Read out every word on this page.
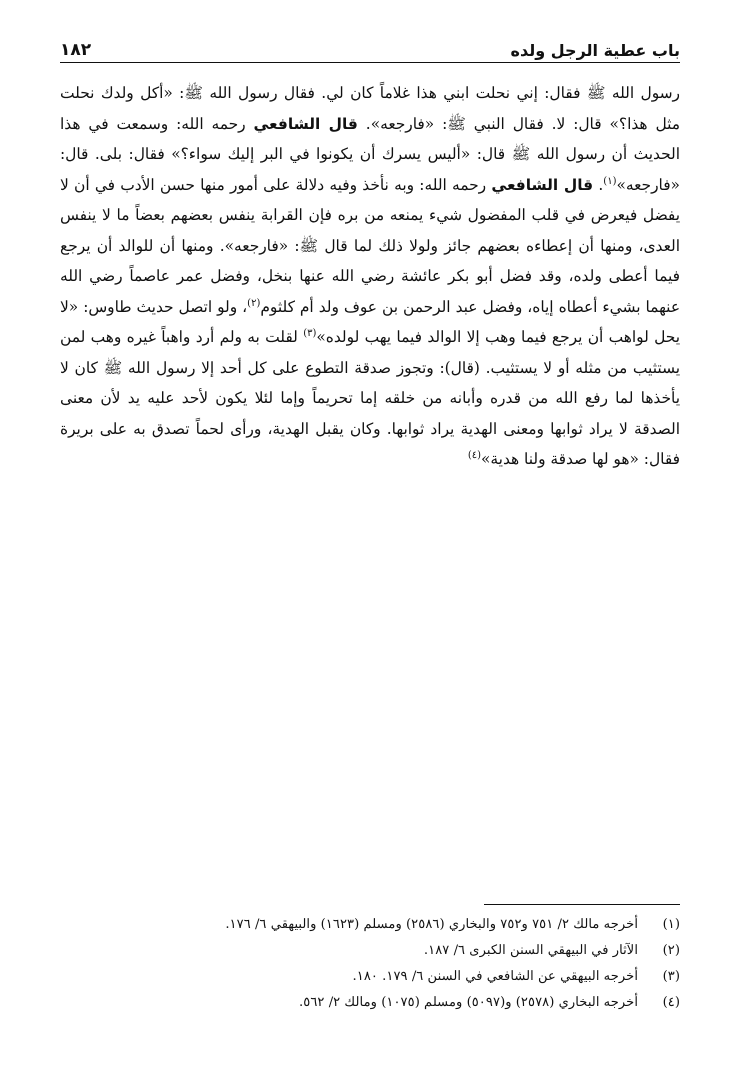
باب عطية الرجل ولده
١٨٢

رسول الله ﷺ فقال: إني نحلت ابني هذا غلاماً كان لي. فقال رسول الله ﷺ: «أكل ولدك نحلت مثل هذا؟» قال: لا. فقال النبي ﷺ: «فارجعه». قال الشافعي رحمه الله: وسمعت في هذا الحديث أن رسول الله ﷺ قال: «أليس يسرك أن يكونوا في البر إليك سواء؟» فقال: بلى. قال: «فارجعه»$^{(١)}$. قال الشافعي رحمه الله: وبه نأخذ وفيه دلالة على أمور منها حسن الأدب في أن لا يفضل فيعرض في قلب المفضول شيء يمنعه من بره فإن القرابة ينفس بعضهم بعضاً ما لا ينفس العدى، ومنها أن إعطاءه بعضهم جائز ولولا ذلك لما قال ﷺ: «فارجعه». ومنها أن للوالد أن يرجع فيما أعطى ولده، وقد فضل أبو بكر عائشة رضي الله عنها بنخل، وفضل عمر عاصماً رضي الله عنهما بشيء أعطاه إياه، وفضل عبد الرحمن بن عوف ولد أم كلثوم$^{(٢)}$، ولو اتصل حديث طاوس: «لا يحل لواهب أن يرجع فيما وهب إلا الوالد فيما يهب لولده»$^{(٣)}$ لقلت به ولم أرد واهباً غيره وهب لمن يستثيب من مثله أو لا يستثيب. (قال): وتجوز صدقة التطوع على كل أحد إلا رسول الله ﷺ كان لا يأخذها لما رفع الله من قدره وأبانه من خلقه إما تحريماً وإما لئلا يكون لأحد عليه يد لأن معنى الصدقة لا يراد ثوابها ومعنى الهدية يراد ثوابها. وكان يقبل الهدية، ورأى لحماً تصدق به على بريرة فقال: «هو لها صدقة ولنا هدية»$^{(٤)}$

(١)
أخرجه مالك ٢/ ٧٥١ و٧٥٢ والبخاري (٢٥٨٦) ومسلم (١٦٢٣) والبيهقي ٦/ ١٧٦.
(٢)
الآثار في البيهقي السنن الكبرى ٦/ ١٨٧.
(٣)
أخرجه البيهقي عن الشافعي في السنن ٦/ ١٧٩. ١٨٠.
(٤)
أخرجه البخاري (٢٥٧٨) و(٥٠٩٧) ومسلم (١٠٧٥) ومالك ٢/ ٥٦٢.
